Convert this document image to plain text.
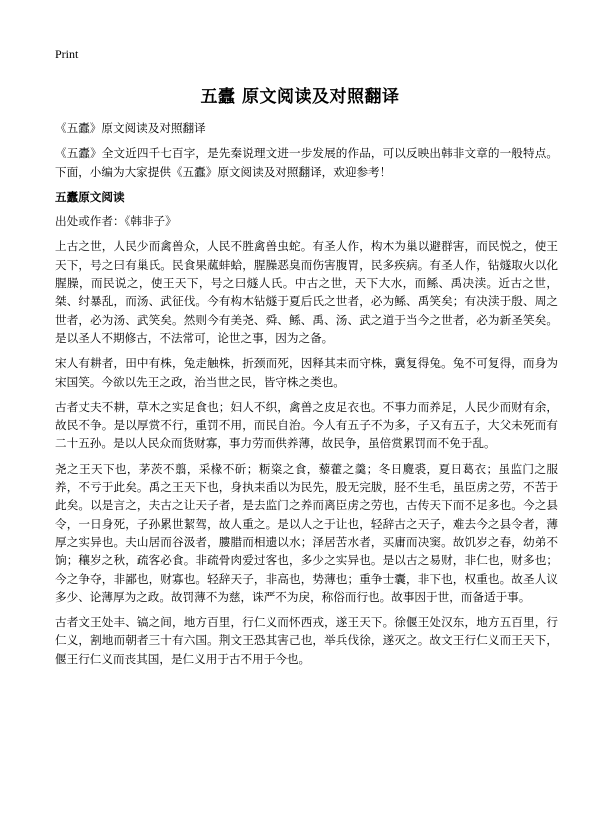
Print
五蠹 原文阅读及对照翻译

《五蠹》原文阅读及对照翻译

《五蠹》全文近四千七百字，是先秦说理文进一步发展的作品，可以反映出韩非文章的一般特点。下面，小编为大家提供《五蠹》原文阅读及对照翻译，欢迎参考！

五蠹原文阅读

出处或作者：《韩非子》

上古之世，人民少而禽兽众，人民不胜禽兽虫蛇。有圣人作，构木为巢以避群害，而民悦之，使王天下，号之曰有巢氏。民食果蓏蚌蛤，腥臊恶臭而伤害腹胃，民多疾病。有圣人作，钻燧取火以化腥臊，而民说之，使王天下，号之曰燧人氏。中古之世，天下大水，而鲧、禹决渎。近古之世，桀、纣暴乱，而汤、武征伐。今有构木钻燧于夏后氏之世者，必为鲧、禹笑矣；有决渎于殷、周之世者，必为汤、武笑矣。然则今有美尧、舜、鲧、禹、汤、武之道于当今之世者，必为新圣笑矣。是以圣人不期修古，不法常可，论世之事，因为之备。

宋人有耕者，田中有株，兔走触株，折颈而死，因释其耒而守株，冀复得兔。兔不可复得，而身为宋国笑。今欲以先王之政，治当世之民，皆守株之类也。

古者丈夫不耕，草木之实足食也；妇人不织，禽兽之皮足衣也。不事力而养足，人民少而财有余，故民不争。是以厚赏不行，重罚不用，而民自治。今人有五子不为多，子又有五子，大父未死而有二十五孙。是以人民众而货财寡，事力劳而供养薄，故民争，虽倍赏累罚而不免于乱。

尧之王天下也，茅茨不翦，采椽不斫；粝粢之食，藜藿之羹；冬日麑裘，夏日葛衣；虽监门之服养，不亏于此矣。禹之王天下也，身执耒臿以为民先，股无完胈，胫不生毛，虽臣虏之劳，不苦于此矣。以是言之，夫古之让天子者，是去监门之养而离臣虏之劳也，古传天下而不足多也。今之县令，一日身死，子孙累世絜驾，故人重之。是以人之于让也，轻辞古之天子，难去今之县令者，薄厚之实异也。夫山居而谷汲者，膢腊而相遗以水；泽居苦水者，买庸而决窦。故饥岁之春，幼弟不饷；穰岁之秋，疏客必食。非疏骨肉爱过客也，多少之实异也。是以古之易财，非仁也，财多也；今之争夺，非鄙也，财寡也。轻辞天子，非高也，势薄也；重争士囊，非下也，权重也。故圣人议多少、论薄厚为之政。故罚薄不为慈，诛严不为戾，称俗而行也。故事因于世，而备适于事。

古者文王处丰、镐之间，地方百里，行仁义而怀西戎，遂王天下。徐偃王处汉东，地方五百里，行仁义，割地而朝者三十有六国。荆文王恐其害己也，举兵伐徐，遂灭之。故文王行仁义而王天下，偃王行仁义而丧其国，是仁义用于古不用于今也。
